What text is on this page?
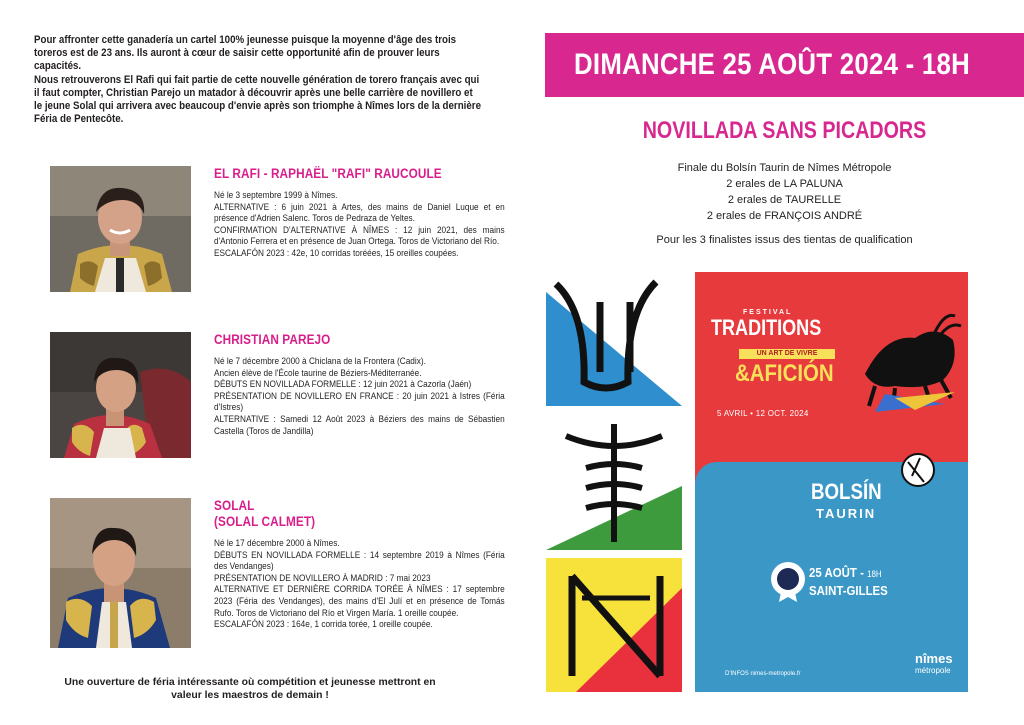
Pour affronter cette ganadería un cartel 100% jeunesse puisque la moyenne d'âge des trois toreros est de 23 ans. Ils auront à cœur de saisir cette opportunité afin de prouver leurs capacités.

Nous retrouverons El Rafi qui fait partie de cette nouvelle génération de torero français avec qui il faut compter, Christian Parejo un matador à découvrir après une belle carrière de novillero et le jeune Solal qui arrivera avec beaucoup d'envie après son triomphe à Nîmes lors de la dernière Féria de Pentecôte.

EL RAFI - RAPHAËL "RAFI" RAUCOULE
Né le 3 septembre 1999 à Nîmes.
ALTERNATIVE : 6 juin 2021 à Artes, des mains de Daniel Luque et en présence d'Adrien Salenc. Toros de Pedraza de Yeltes.
CONFIRMATION D'ALTERNATIVE À NÎMES : 12 juin 2021, des mains d'Antonio Ferrera et en présence de Juan Ortega. Toros de Victoriano del Río.
ESCALAFÓN 2023 : 42e, 10 corridas toréées, 15 oreilles coupées.
CHRISTIAN PAREJO
Né le 7 décembre 2000 à Chiclana de la Frontera (Cadix).
Ancien élève de l'École taurine de Béziers-Méditerranée.
DÉBUTS EN NOVILLADA FORMELLE : 12 juin 2021 à Cazorla (Jaén)
PRÉSENTATION DE NOVILLERO EN FRANCE : 20 juin 2021 à Istres (Féria d'Istres)
ALTERNATIVE : Samedi 12 Août 2023 à Béziers des mains de Sébastien Castella (Toros de Jandilla)
SOLAL
(SOLAL CALMET)
Né le 17 décembre 2000 à Nîmes.
DÉBUTS EN NOVILLADA FORMELLE : 14 septembre 2019 à Nîmes (Féria des Vendanges)
PRÉSENTATION DE NOVILLERO À MADRID : 7 mai 2023
ALTERNATIVE ET DERNIÈRE CORRIDA TORÉE À NÎMES : 17 septembre 2023 (Féria des Vendanges), des mains d'El Julí et en présence de Tomás Rufo. Toros de Victoriano del Río et Virgen María. 1 oreille coupée.
ESCALAFÓN 2023 : 164e, 1 corrida torée, 1 oreille coupée.
Une ouverture de féria intéressante où compétition et jeunesse mettront en valeur les maestros de demain !
DIMANCHE 25 AOÛT 2024 - 18H
NOVILLADA SANS PICADORS
Finale du Bolsín Taurin de Nîmes Métropole
2 erales de LA PALUNA
2 erales de TAURELLE
2 erales de FRANÇOIS ANDRÉ
Pour les 3 finalistes issus des tientas de qualification
FESTIVAL
TRADITIONS
UN ART DE VIVRE
&AFICIÓN
5 AVRIL • 12 OCT. 2024
BOLSÍN
TAURIN
25 AOÛT - 18H
SAINT-GILLES
D'INFOS nimes-metropole.fr
nîmes
métropole
